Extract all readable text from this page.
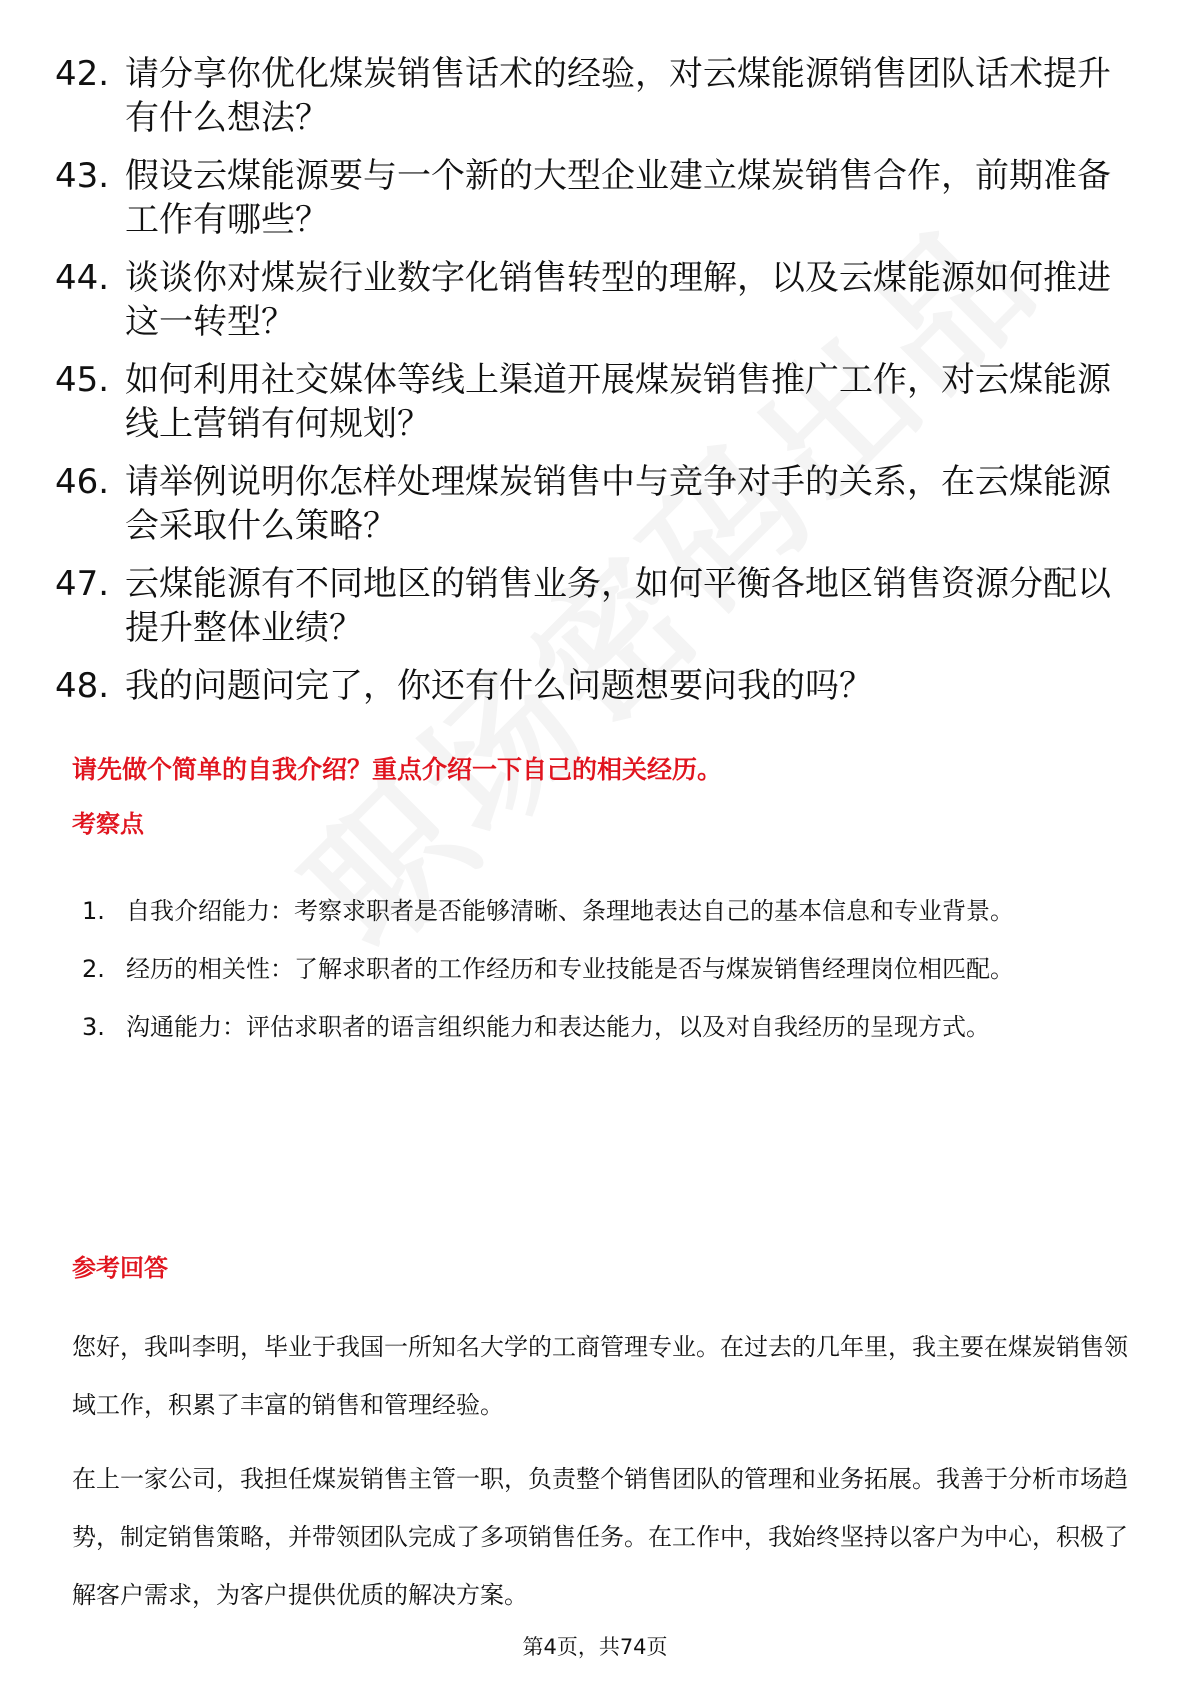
42. 请分享你优化煤炭销售话术的经验，对云煤能源销售团队话术提升有什么想法？
43. 假设云煤能源要与一个新的大型企业建立煤炭销售合作，前期准备工作有哪些？
44. 谈谈你对煤炭行业数字化销售转型的理解，以及云煤能源如何推进这一转型？
45. 如何利用社交媒体等线上渠道开展煤炭销售推广工作，对云煤能源线上营销有何规划？
46. 请举例说明你怎样处理煤炭销售中与竞争对手的关系，在云煤能源会采取什么策略？
47. 云煤能源有不同地区的销售业务，如何平衡各地区销售资源分配以提升整体业绩？
48. 我的问题问完了，你还有什么问题想要问我的吗？
请先做个简单的自我介绍？重点介绍一下自己的相关经历。
考察点
1. 自我介绍能力：考察求职者是否能够清晰、条理地表达自己的基本信息和专业背景。
2. 经历的相关性：了解求职者的工作经历和专业技能是否与煤炭销售经理岗位相匹配。
3. 沟通能力：评估求职者的语言组织能力和表达能力，以及对自我经历的呈现方式。
参考回答
您好，我叫李明，毕业于我国一所知名大学的工商管理专业。在过去的几年里，我主要在煤炭销售领域工作，积累了丰富的销售和管理经验。
在上一家公司，我担任煤炭销售主管一职，负责整个销售团队的管理和业务拓展。我善于分析市场趋势，制定销售策略，并带领团队完成了多项销售任务。在工作中，我始终坚持以客户为中心，积极了解客户需求，为客户提供优质的解决方案。
第4页，共74页
